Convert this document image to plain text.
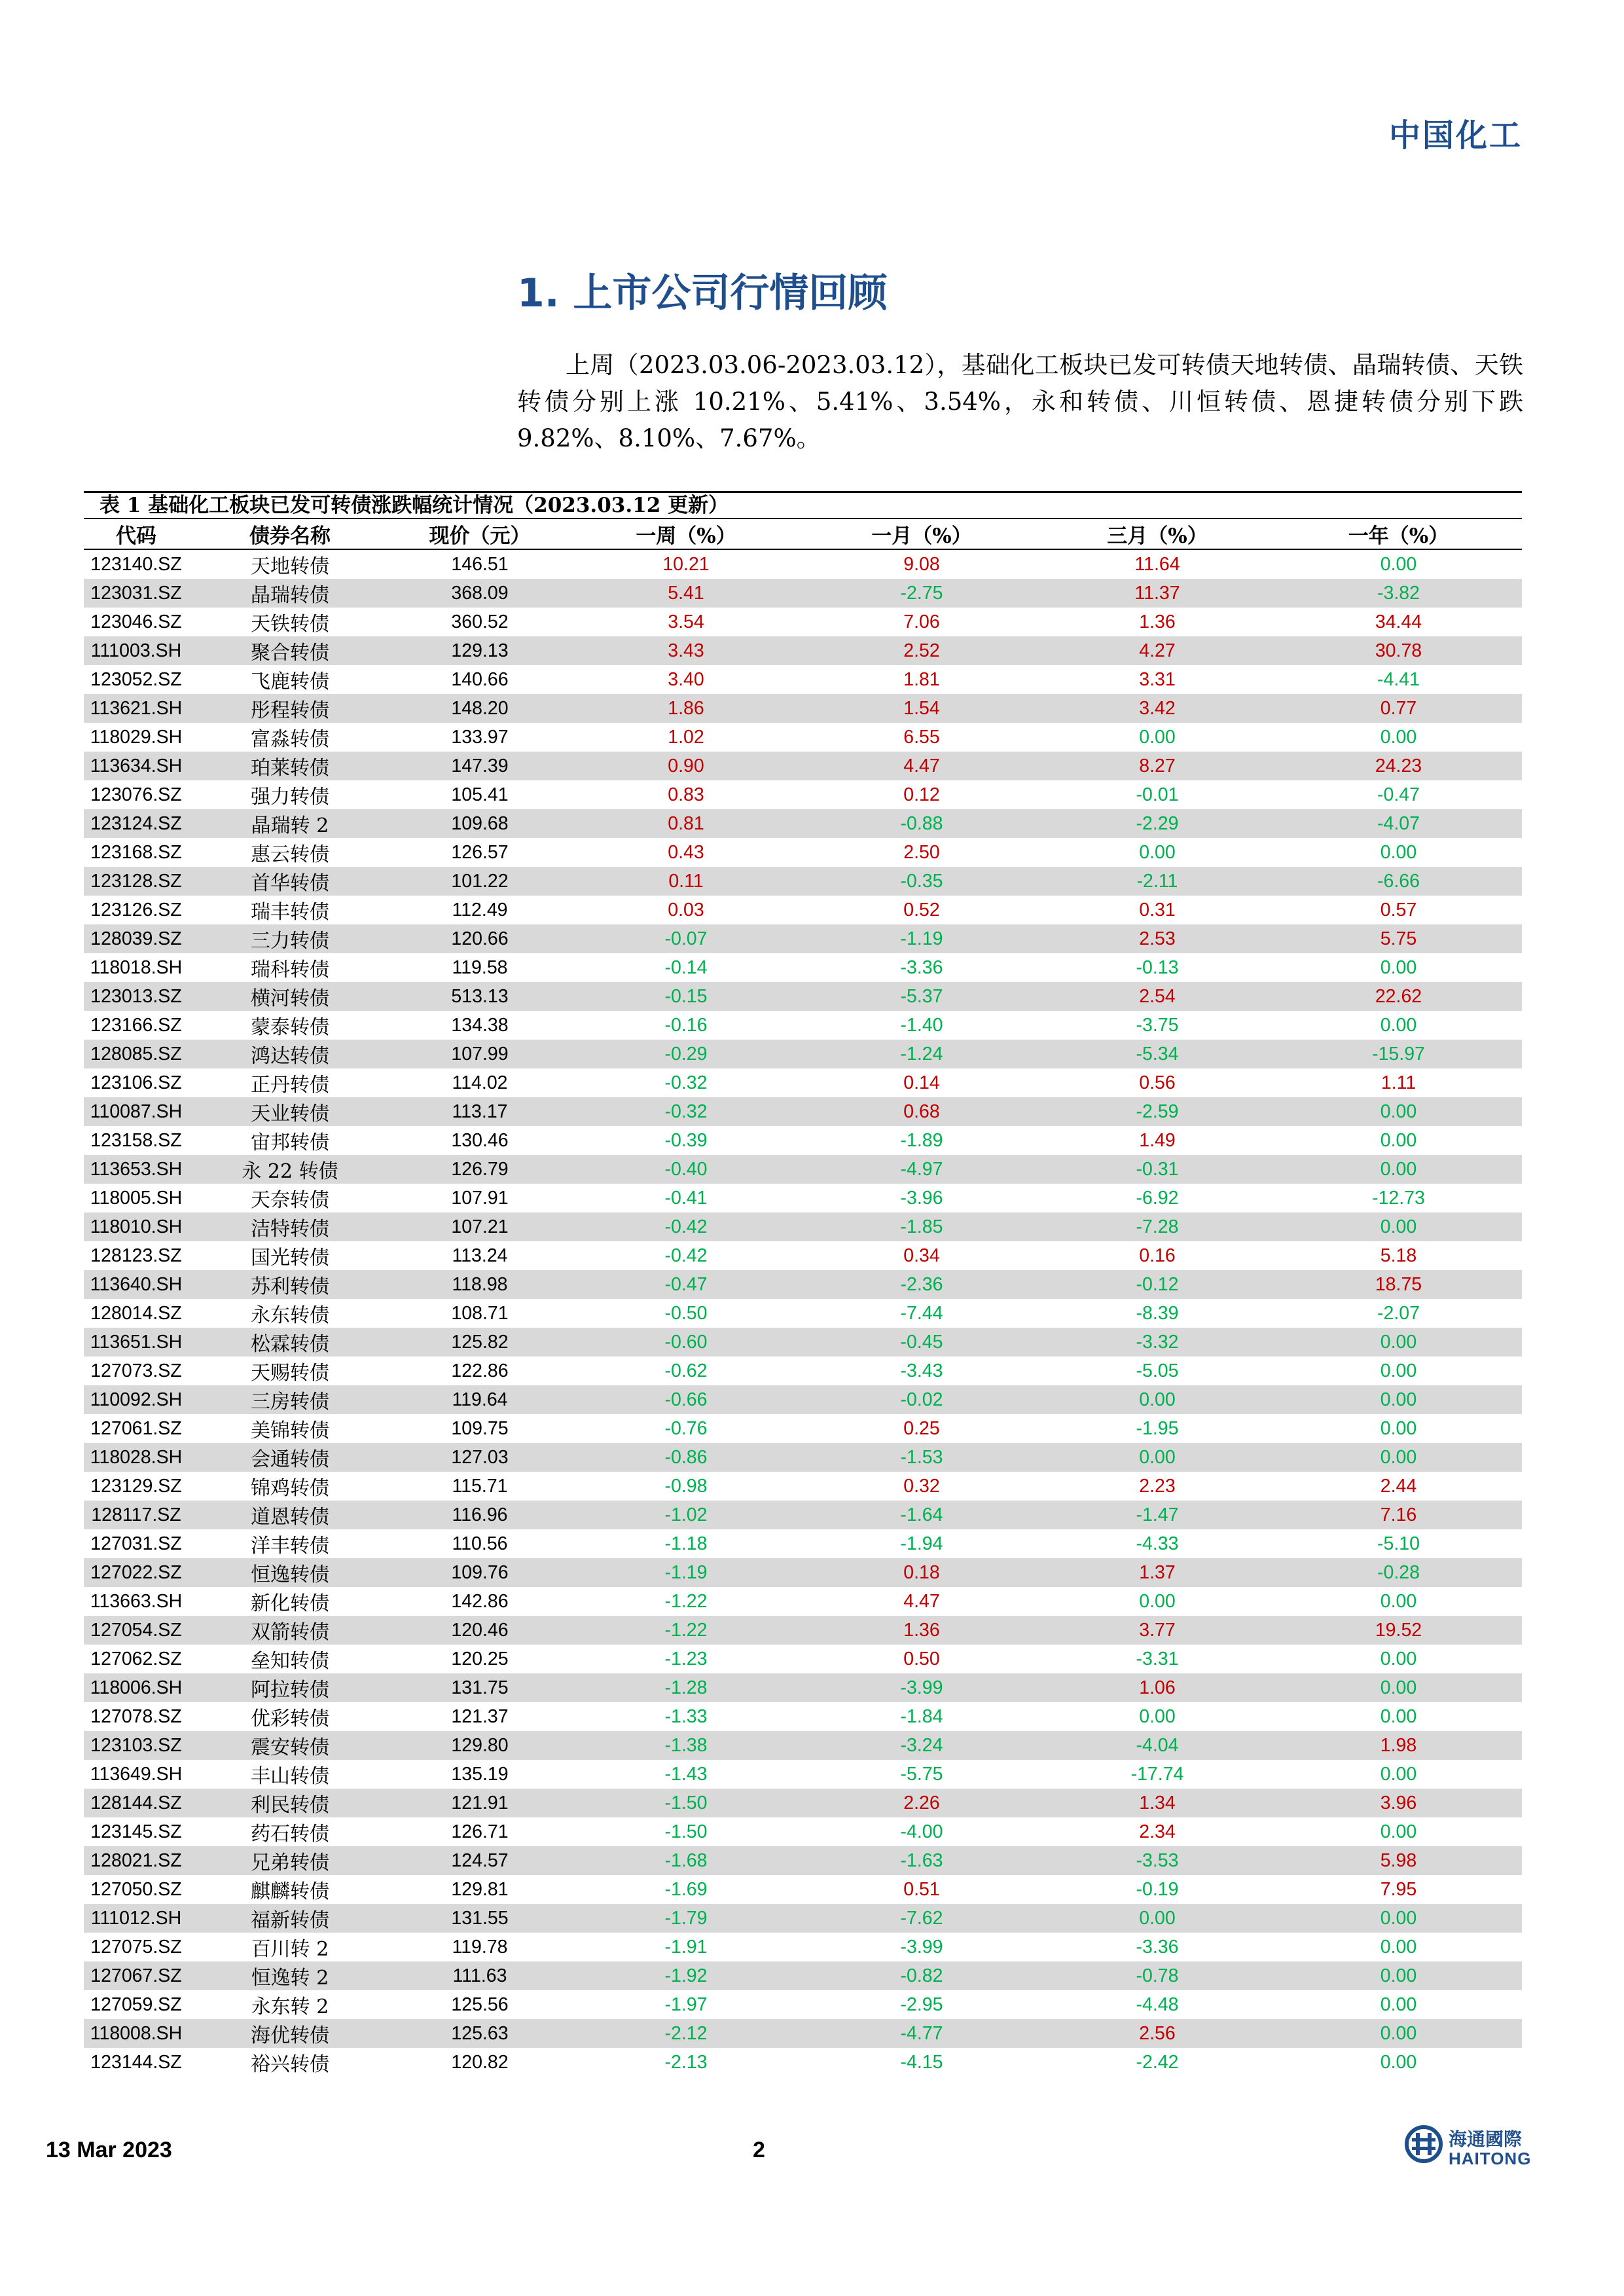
中国化工
1. 上市公司行情回顾
上周（2023.03.06-2023.03.12），基础化工板块已发可转债天地转债、晶瑞转债、天铁转债分别上涨 10.21%、5.41%、3.54%，永和转债、川恒转债、恩捷转债分别下跌 9.82%、8.10%、7.67%。
表 1 基础化工板块已发可转债涨跌幅统计情况（2023.03.12 更新）
代码	债券名称	现价（元）	一周（%）	一月（%）	三月（%）	一年（%）
123140.SZ	天地转债	146.51	10.21	9.08	11.64	0.00
123031.SZ	晶瑞转债	368.09	5.41	-2.75	11.37	-3.82
123046.SZ	天铁转债	360.52	3.54	7.06	1.36	34.44
111003.SH	聚合转债	129.13	3.43	2.52	4.27	30.78
123052.SZ	飞鹿转债	140.66	3.40	1.81	3.31	-4.41
113621.SH	彤程转债	148.20	1.86	1.54	3.42	0.77
118029.SH	富淼转债	133.97	1.02	6.55	0.00	0.00
113634.SH	珀莱转债	147.39	0.90	4.47	8.27	24.23
123076.SZ	强力转债	105.41	0.83	0.12	-0.01	-0.47
123124.SZ	晶瑞转 2	109.68	0.81	-0.88	-2.29	-4.07
123168.SZ	惠云转债	126.57	0.43	2.50	0.00	0.00
123128.SZ	首华转债	101.22	0.11	-0.35	-2.11	-6.66
123126.SZ	瑞丰转债	112.49	0.03	0.52	0.31	0.57
128039.SZ	三力转债	120.66	-0.07	-1.19	2.53	5.75
118018.SH	瑞科转债	119.58	-0.14	-3.36	-0.13	0.00
123013.SZ	横河转债	513.13	-0.15	-5.37	2.54	22.62
123166.SZ	蒙泰转债	134.38	-0.16	-1.40	-3.75	0.00
128085.SZ	鸿达转债	107.99	-0.29	-1.24	-5.34	-15.97
123106.SZ	正丹转债	114.02	-0.32	0.14	0.56	1.11
110087.SH	天业转债	113.17	-0.32	0.68	-2.59	0.00
123158.SZ	宙邦转债	130.46	-0.39	-1.89	1.49	0.00
113653.SH	永 22 转债	126.79	-0.40	-4.97	-0.31	0.00
118005.SH	天奈转债	107.91	-0.41	-3.96	-6.92	-12.73
118010.SH	洁特转债	107.21	-0.42	-1.85	-7.28	0.00
128123.SZ	国光转债	113.24	-0.42	0.34	0.16	5.18
113640.SH	苏利转债	118.98	-0.47	-2.36	-0.12	18.75
128014.SZ	永东转债	108.71	-0.50	-7.44	-8.39	-2.07
113651.SH	松霖转债	125.82	-0.60	-0.45	-3.32	0.00
127073.SZ	天赐转债	122.86	-0.62	-3.43	-5.05	0.00
110092.SH	三房转债	119.64	-0.66	-0.02	0.00	0.00
127061.SZ	美锦转债	109.75	-0.76	0.25	-1.95	0.00
118028.SH	会通转债	127.03	-0.86	-1.53	0.00	0.00
123129.SZ	锦鸡转债	115.71	-0.98	0.32	2.23	2.44
128117.SZ	道恩转债	116.96	-1.02	-1.64	-1.47	7.16
127031.SZ	洋丰转债	110.56	-1.18	-1.94	-4.33	-5.10
127022.SZ	恒逸转债	109.76	-1.19	0.18	1.37	-0.28
113663.SH	新化转债	142.86	-1.22	4.47	0.00	0.00
127054.SZ	双箭转债	120.46	-1.22	1.36	3.77	19.52
127062.SZ	垒知转债	120.25	-1.23	0.50	-3.31	0.00
118006.SH	阿拉转债	131.75	-1.28	-3.99	1.06	0.00
127078.SZ	优彩转债	121.37	-1.33	-1.84	0.00	0.00
123103.SZ	震安转债	129.80	-1.38	-3.24	-4.04	1.98
113649.SH	丰山转债	135.19	-1.43	-5.75	-17.74	0.00
128144.SZ	利民转债	121.91	-1.50	2.26	1.34	3.96
123145.SZ	药石转债	126.71	-1.50	-4.00	2.34	0.00
128021.SZ	兄弟转债	124.57	-1.68	-1.63	-3.53	5.98
127050.SZ	麒麟转债	129.81	-1.69	0.51	-0.19	7.95
111012.SH	福新转债	131.55	-1.79	-7.62	0.00	0.00
127075.SZ	百川转 2	119.78	-1.91	-3.99	-3.36	0.00
127067.SZ	恒逸转 2	111.63	-1.92	-0.82	-0.78	0.00
127059.SZ	永东转 2	125.56	-1.97	-2.95	-4.48	0.00
118008.SH	海优转债	125.63	-2.12	-4.77	2.56	0.00
123144.SZ	裕兴转债	120.82	-2.13	-4.15	-2.42	0.00
13 Mar 2023	2	海通國際
HAITONG
